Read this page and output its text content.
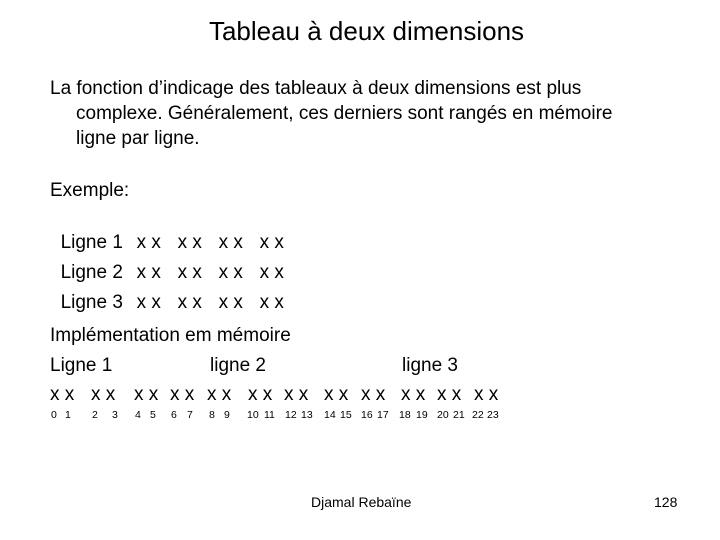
Tableau à deux dimensions
La fonction d’indicage des tableaux à deux dimensions est plus
complexe. Généralement, ces derniers sont rangés en mémoire
ligne par ligne.
Exemple:

Ligne 1 x x x x x x x x

Ligne 2 x x x x x x x x

Ligne 3 x x x x x x x x

Implémentation em mémoire
Ligne 1	ligne 2	ligne 3
x x x x x x x x x x x x x x x x x x x x x x x x
0 1 2 3 4 5 6 7 8 9 10 11 12 13 14 15 16 17 18 19 20 21 22 23
Djamal Rebaïne	128
